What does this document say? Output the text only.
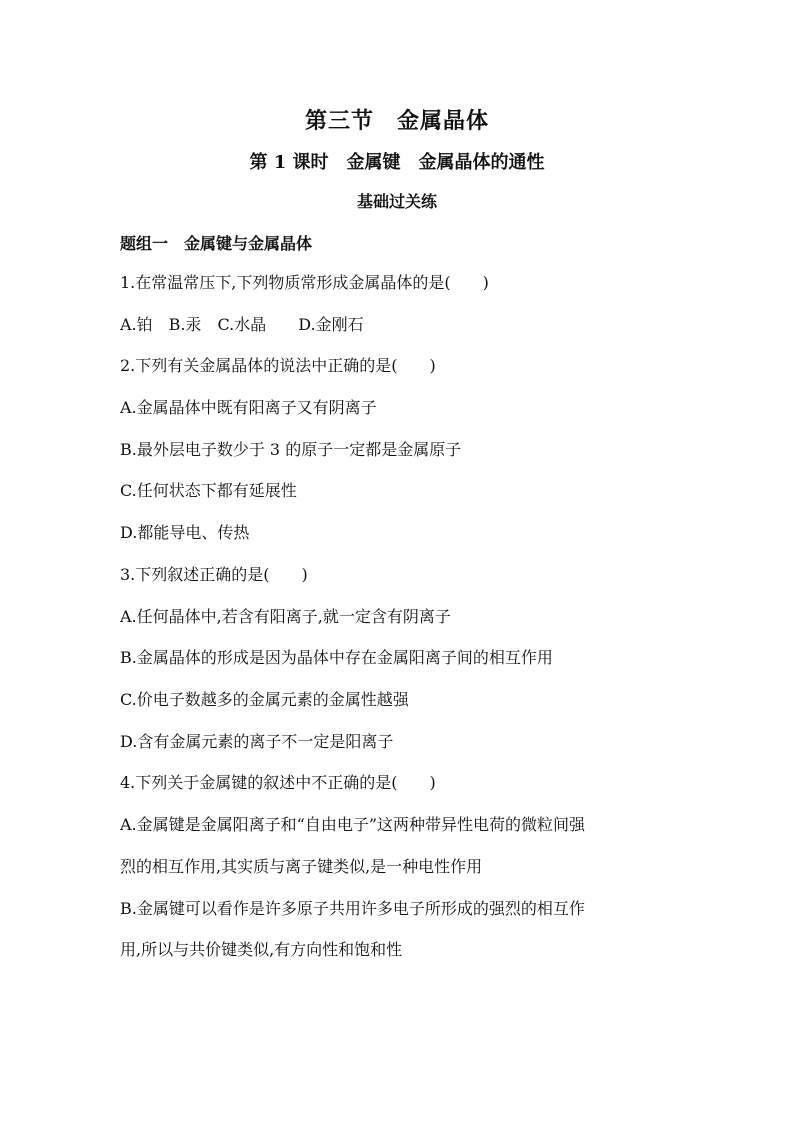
第三节　金属晶体
第 1 课时　金属键　金属晶体的通性
基础过关练
题组一　金属键与金属晶体
1.在常温常压下,下列物质常形成金属晶体的是(　　)
A.铂　B.汞　C.水晶　　D.金刚石
2.下列有关金属晶体的说法中正确的是(　　)
A.金属晶体中既有阳离子又有阴离子
B.最外层电子数少于 3 的原子一定都是金属原子
C.任何状态下都有延展性
D.都能导电、传热
3.下列叙述正确的是(　　)
A.任何晶体中,若含有阳离子,就一定含有阴离子
B.金属晶体的形成是因为晶体中存在金属阳离子间的相互作用
C.价电子数越多的金属元素的金属性越强
D.含有金属元素的离子不一定是阳离子
4.下列关于金属键的叙述中不正确的是(　　)
A.金属键是金属阳离子和“自由电子”这两种带异性电荷的微粒间强
烈的相互作用,其实质与离子键类似,是一种电性作用
B.金属键可以看作是许多原子共用许多电子所形成的强烈的相互作
用,所以与共价键类似,有方向性和饱和性
